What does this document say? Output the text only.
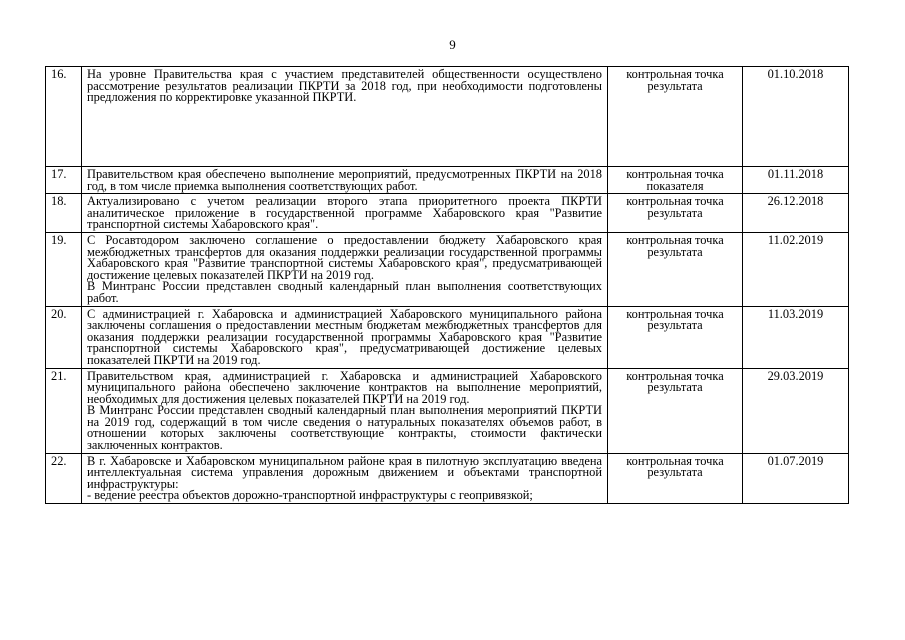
9
16.	На уровне Правительства края с участием представителей общественности осуществлено рассмотрение результатов реализации ПКРТИ за 2018 год, при необходимости подготовлены предложения по корректировке указанной ПКРТИ.	контрольная точка результата	01.10.2018
17.	Правительством края обеспечено выполнение мероприятий, предусмотренных ПКРТИ на 2018 год, в том числе приемка выполнения соответствующих работ.	контрольная точка показателя	01.11.2018
18.	Актуализировано с учетом реализации второго этапа приоритетного проекта ПКРТИ аналитическое приложение в государственной программе Хабаровского края "Развитие транспортной системы Хабаровского края".	контрольная точка результата	26.12.2018
19.	С Росавтодором заключено соглашение о предоставлении бюджету Хабаровского края межбюджетных трансфертов для оказания поддержки реализации государственной программы Хабаровского края "Развитие транспортной системы Хабаровского края", предусматривающей достижение целевых показателей ПКРТИ на 2019 год.
В Минтранс России представлен сводный календарный план выполнения соответствующих работ.	контрольная точка результата	11.02.2019
20.	С администрацией г. Хабаровска и администрацией Хабаровского муниципального района заключены соглашения о предоставлении местным бюджетам межбюджетных трансфертов для оказания поддержки реализации государственной программы Хабаровского края "Развитие транспортной системы Хабаровского края", предусматривающей достижение целевых показателей ПКРТИ на 2019 год.	контрольная точка результата	11.03.2019
21.	Правительством края, администрацией г. Хабаровска и администрацией Хабаровского муниципального района обеспечено заключение контрактов на выполнение мероприятий, необходимых для достижения целевых показателей ПКРТИ на 2019 год.
В Минтранс России представлен сводный календарный план выполнения мероприятий ПКРТИ на 2019 год, содержащий в том числе сведения о натуральных показателях объемов работ, в отношении которых заключены соответствующие контракты, стоимости фактически заключенных контрактов.	контрольная точка результата	29.03.2019
22.	В г. Хабаровске и Хабаровском муниципальном районе края в пилотную эксплуатацию введена интеллектуальная система управления дорожным движением и объектами транспортной инфраструктуры:
- ведение реестра объектов дорожно-транспортной инфраструктуры с геопривязкой;	контрольная точка результата	01.07.2019
